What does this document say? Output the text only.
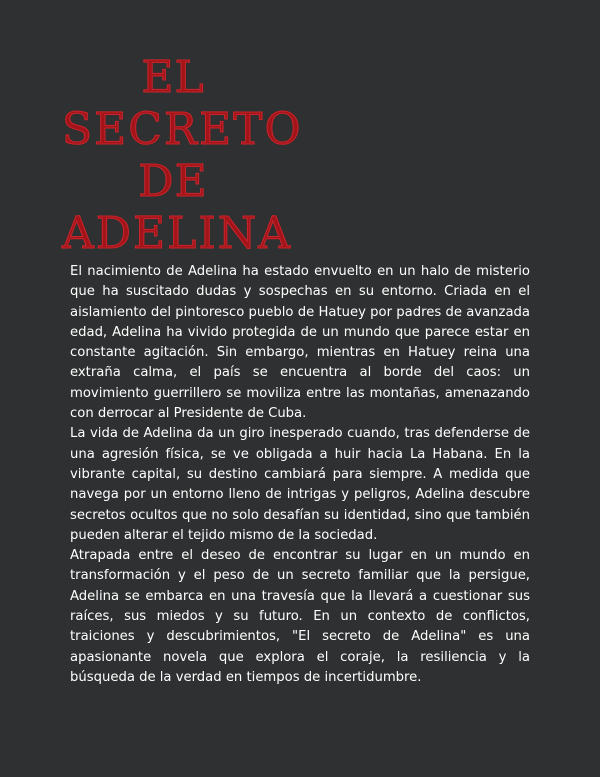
EL
SECRETO
DE
ADELINA

El nacimiento de Adelina ha estado envuelto en un halo de misterio que ha suscitado dudas y sospechas en su entorno. Criada en el aislamiento del pintoresco pueblo de Hatuey por padres de avanzada edad, Adelina ha vivido protegida de un mundo que parece estar en constante agitación. Sin embargo, mientras en Hatuey reina una extraña calma, el país se encuentra al borde del caos: un movimiento guerrillero se moviliza entre las montañas, amenazando con derrocar al Presidente de Cuba.

La vida de Adelina da un giro inesperado cuando, tras defenderse de una agresión física, se ve obligada a huir hacia La Habana. En la vibrante capital, su destino cambiará para siempre. A medida que navega por un entorno lleno de intrigas y peligros, Adelina descubre secretos ocultos que no solo desafían su identidad, sino que también pueden alterar el tejido mismo de la sociedad.

Atrapada entre el deseo de encontrar su lugar en un mundo en transformación y el peso de un secreto familiar que la persigue, Adelina se embarca en una travesía que la llevará a cuestionar sus raíces, sus miedos y su futuro. En un contexto de conflictos, traiciones y descubrimientos, "El secreto de Adelina" es una apasionante novela que explora el coraje, la resiliencia y la búsqueda de la verdad en tiempos de incertidumbre.
